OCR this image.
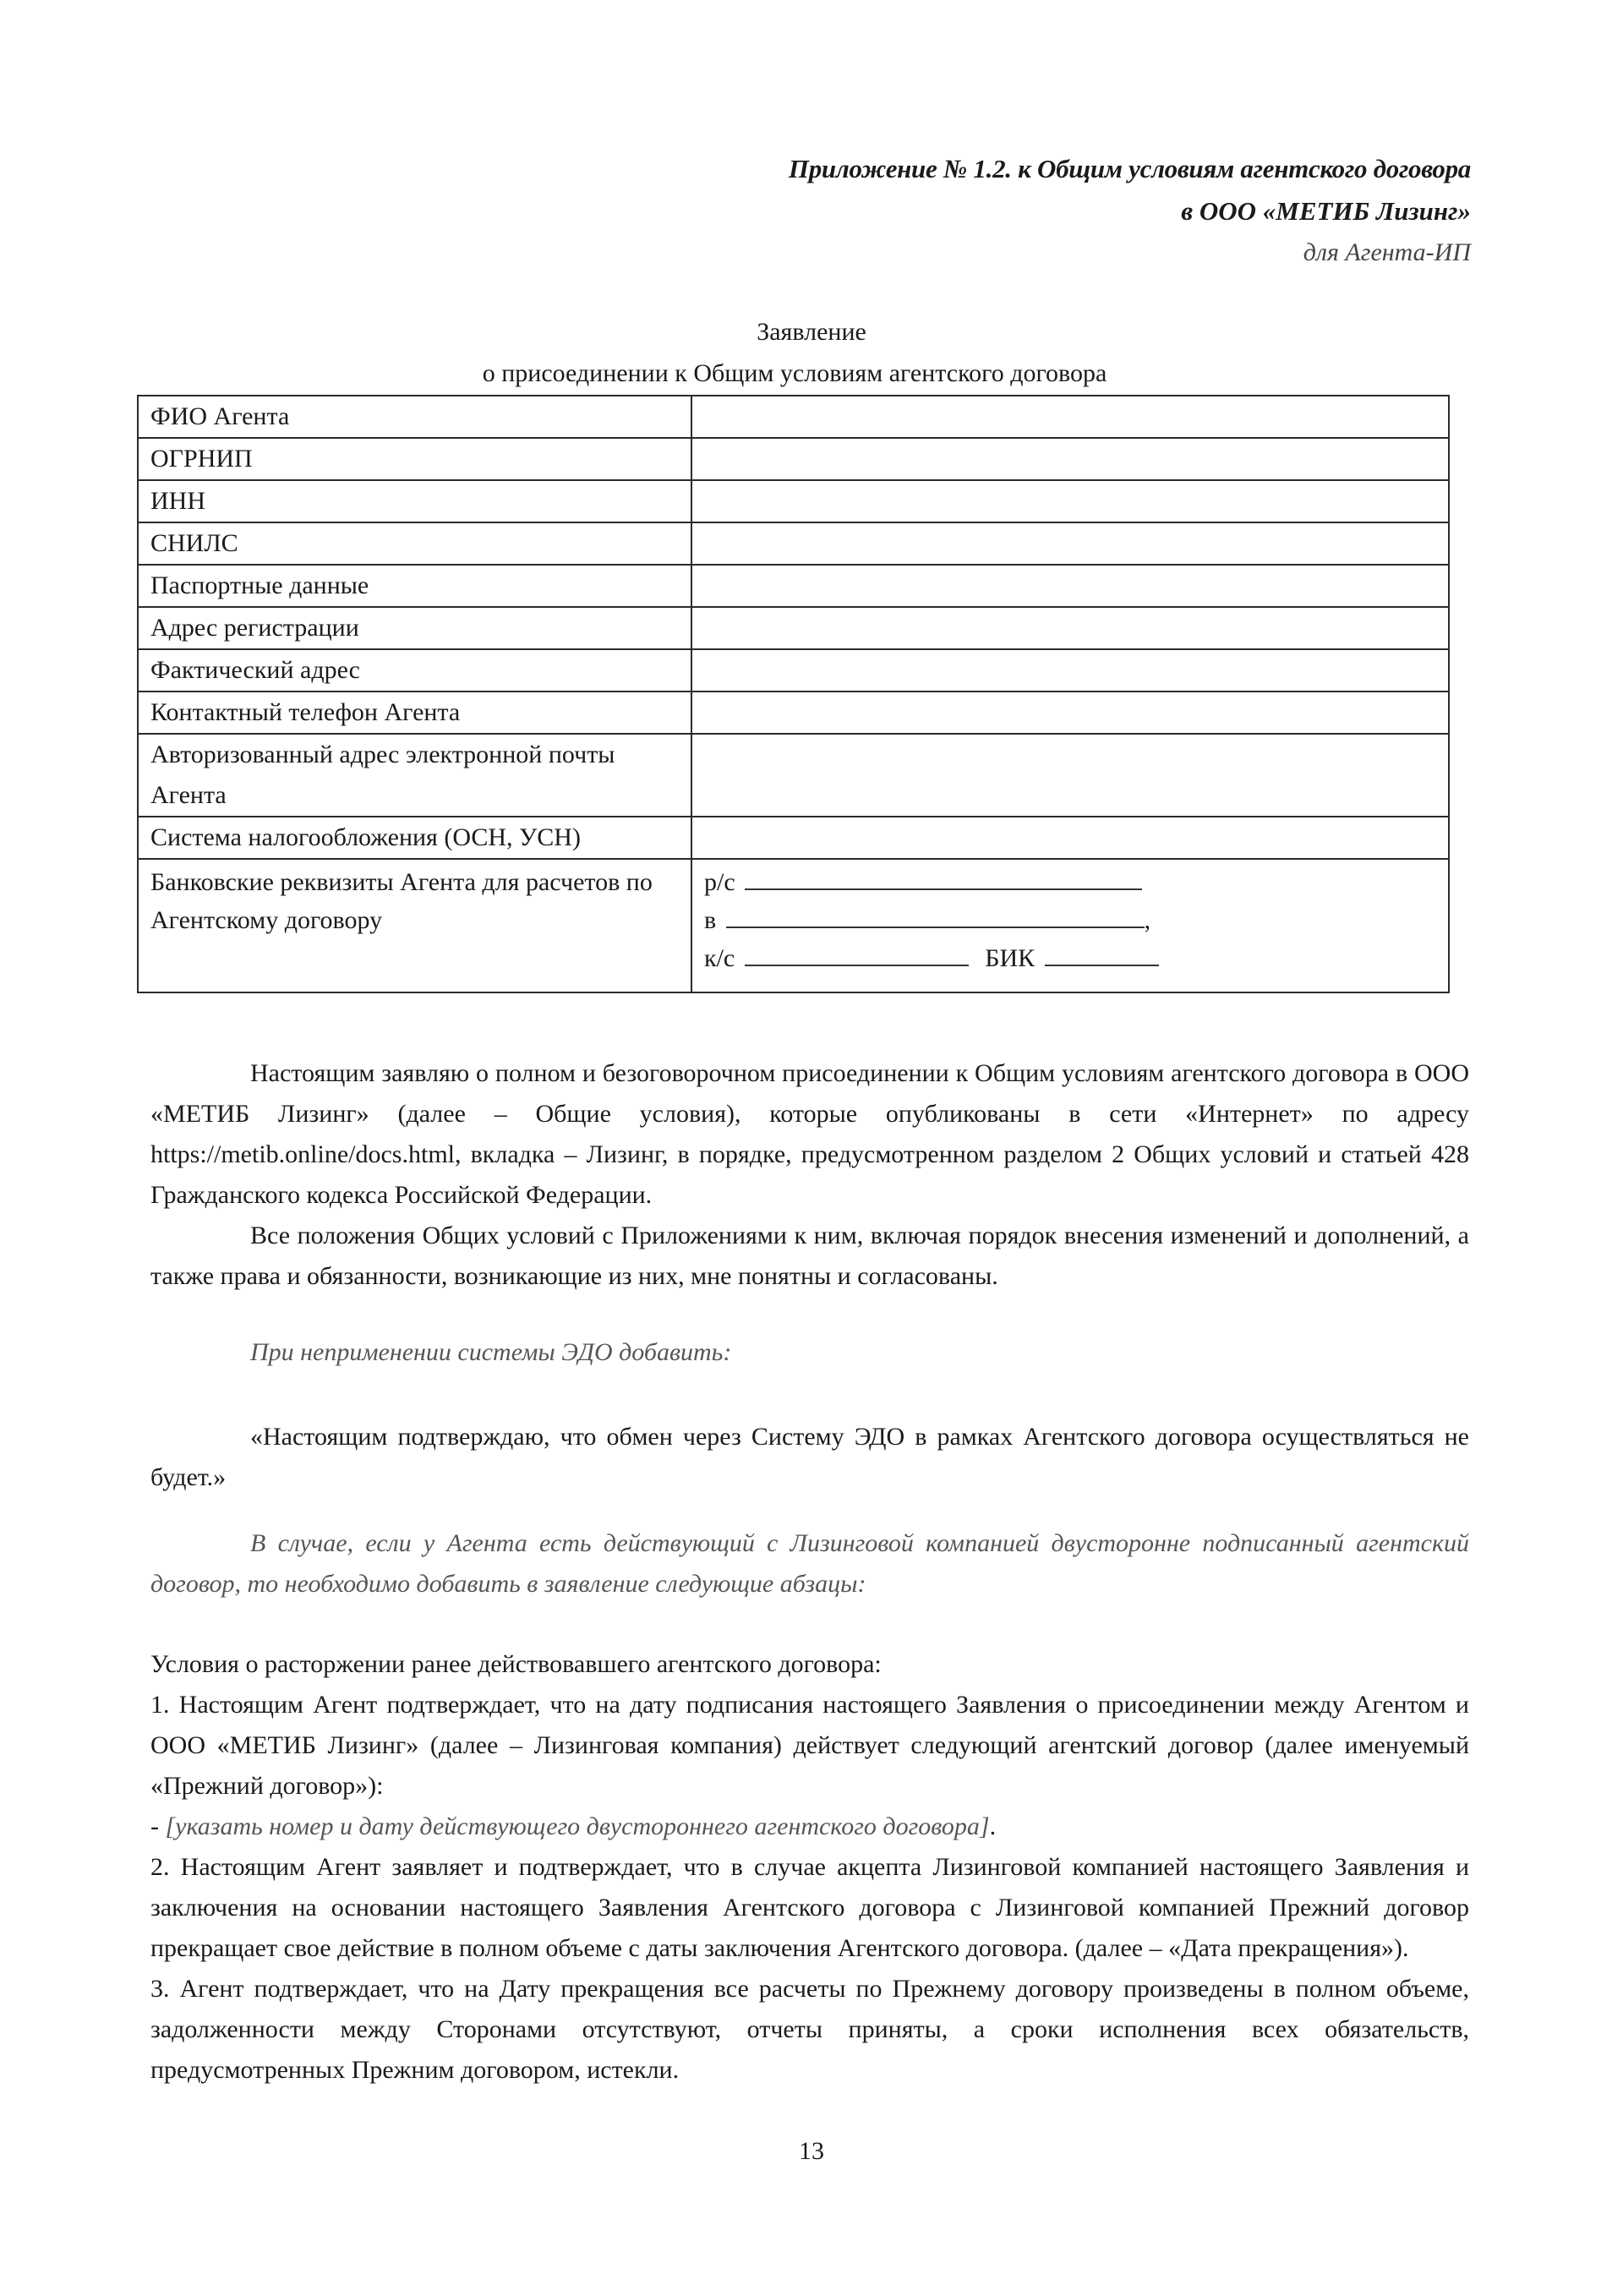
Приложение № 1.2. к Общим условиям агентского договора
в ООО «МЕТИБ Лизинг»
для Агента-ИП
Заявление
о присоединении к Общим условиям агентского договора
ФИО Агента	
ОГРНИП	
ИНН	
СНИЛС	
Паспортные данные	
Адрес регистрации	
Фактический адрес	
Контактный телефон Агента	
Авторизованный адрес электронной почты Агента	
Система налогообложения (ОСН, УСН)	
Банковские реквизиты Агента для расчетов по Агентскому договору	р/с
в ,
к/с БИК
Настоящим заявляю о полном и безоговорочном присоединении к Общим условиям агентского договора в ООО «МЕТИБ Лизинг» (далее – Общие условия), которые опубликованы в сети «Интернет» по адресу https://metib.online/docs.html, вкладка – Лизинг, в порядке, предусмотренном разделом 2 Общих условий и статьей 428 Гражданского кодекса Российской Федерации.
Все положения Общих условий с Приложениями к ним, включая порядок внесения изменений и дополнений, а также права и обязанности, возникающие из них, мне понятны и согласованы.
При неприменении системы ЭДО добавить:
«Настоящим подтверждаю, что обмен через Систему ЭДО в рамках Агентского договора осуществляться не будет.»
В случае, если у Агента есть действующий с Лизинговой компанией двусторонне подписанный агентский договор, то необходимо добавить в заявление следующие абзацы:
Условия о расторжении ранее действовавшего агентского договора:
1. Настоящим Агент подтверждает, что на дату подписания настоящего Заявления о присоединении между Агентом и ООО «МЕТИБ Лизинг» (далее – Лизинговая компания) действует следующий агентский договор (далее именуемый «Прежний договор»):
- [указать номер и дату действующего двустороннего агентского договора].
2. Настоящим Агент заявляет и подтверждает, что в случае акцепта Лизинговой компанией настоящего Заявления и заключения на основании настоящего Заявления Агентского договора с Лизинговой компанией Прежний договор прекращает свое действие в полном объеме с даты заключения Агентского договора. (далее – «Дата прекращения»).
3. Агент подтверждает, что на Дату прекращения все расчеты по Прежнему договору произведены в полном объеме, задолженности между Сторонами отсутствуют, отчеты приняты, а сроки исполнения всех обязательств, предусмотренных Прежним договором, истекли.
13
